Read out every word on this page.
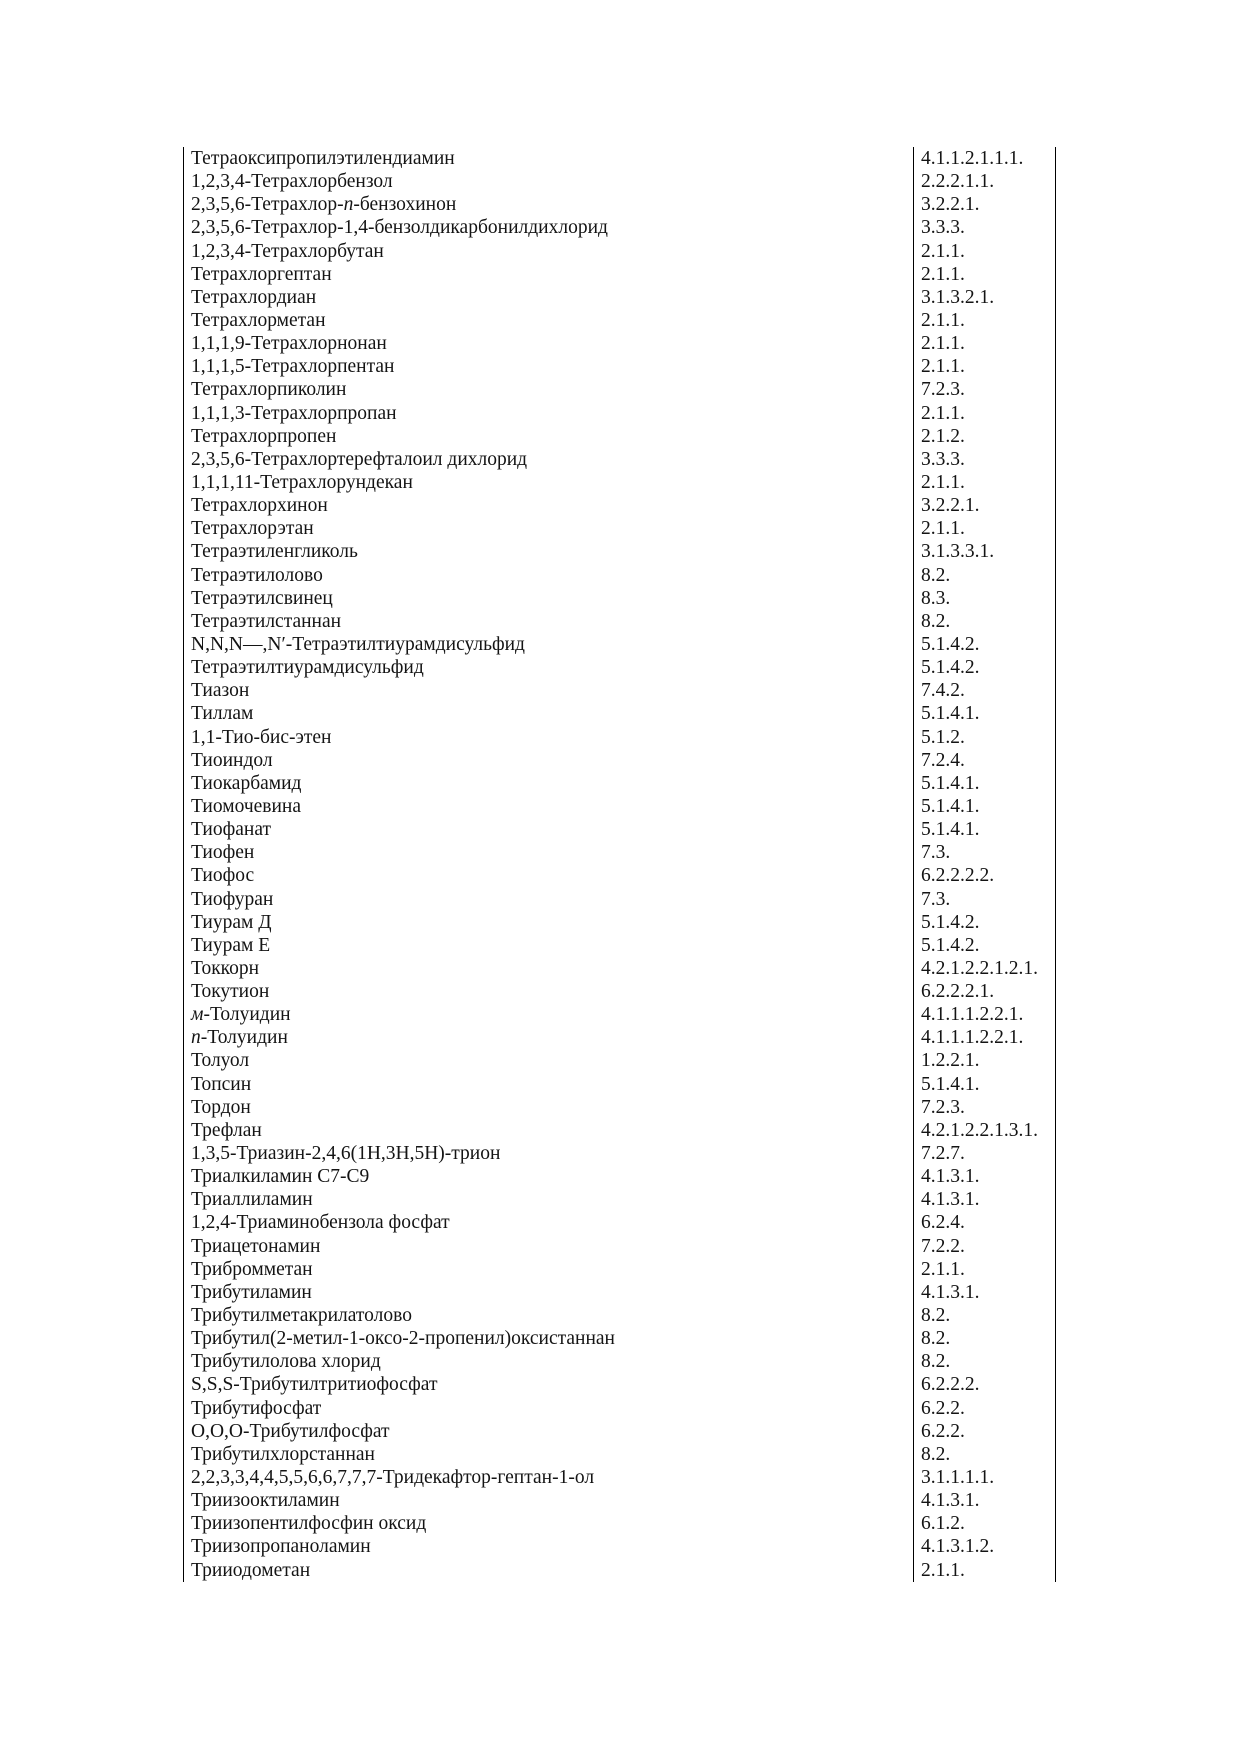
Тетраоксипропилэтилендиамин	4.1.1.2.1.1.1.
1,2,3,4-Тетрахлорбензол	2.2.2.1.1.
2,3,5,6-Тетрахлор-п-бензохинон	3.2.2.1.
2,3,5,6-Тетрахлор-1,4-бензолдикарбонилдихлорид	3.3.3.
1,2,3,4-Тетрахлорбутан	2.1.1.
Тетрахлоргептан	2.1.1.
Тетрахлордиан	3.1.3.2.1.
Тетрахлорметан	2.1.1.
1,1,1,9-Тетрахлорнонан	2.1.1.
1,1,1,5-Тетрахлорпентан	2.1.1.
Тетрахлорпиколин	7.2.3.
1,1,1,3-Тетрахлорпропан	2.1.1.
Тетрахлорпропен	2.1.2.
2,3,5,6-Тетрахлортерефталоил дихлорид	3.3.3.
1,1,1,11-Тетрахлорундекан	2.1.1.
Тетрахлорхинон	3.2.2.1.
Тетрахлорэтан	2.1.1.
Тетраэтиленгликоль	3.1.3.3.1.
Тетраэтилолово	8.2.
Тетраэтилсвинец	8.3.
Тетраэтилстаннан	8.2.
N,N,N—,N′-Тетраэтилтиурамдисульфид	5.1.4.2.
Тетраэтилтиурамдисульфид	5.1.4.2.
Тиазон	7.4.2.
Тиллам	5.1.4.1.
1,1-Тио-бис-этен	5.1.2.
Тиоиндол	7.2.4.
Тиокарбамид	5.1.4.1.
Тиомочевина	5.1.4.1.
Тиофанат	5.1.4.1.
Тиофен	7.3.
Тиофос	6.2.2.2.2.
Тиофуран	7.3.
Тиурам Д	5.1.4.2.
Тиурам Е	5.1.4.2.
Токкорн	4.2.1.2.2.1.2.1.
Токутион	6.2.2.2.1.
м-Толуидин	4.1.1.1.2.2.1.
п-Толуидин	4.1.1.1.2.2.1.
Толуол	1.2.2.1.
Топсин	5.1.4.1.
Тордон	7.2.3.
Трефлан	4.2.1.2.2.1.3.1.
1,3,5-Триазин-2,4,6(1Н,3Н,5Н)-трион	7.2.7.
Триалкиламин С7-С9	4.1.3.1.
Триаллиламин	4.1.3.1.
1,2,4-Триаминобензола фосфат	6.2.4.
Триацетонамин	7.2.2.
Трибромметан	2.1.1.
Трибутиламин	4.1.3.1.
Трибутилметакрилатолово	8.2.
Трибутил(2-метил-1-оксо-2-пропенил)оксистаннан	8.2.
Трибутилолова хлорид	8.2.
S,S,S-Трибутилтритиофосфат	6.2.2.2.
Трибутифосфат	6.2.2.
О,О,О-Трибутилфосфат	6.2.2.
Трибутилхлорстаннан	8.2.
2,2,3,3,4,4,5,5,6,6,7,7,7-Тридекафтор-гептан-1-ол	3.1.1.1.1.
Триизооктиламин	4.1.3.1.
Триизопентилфосфин оксид	6.1.2.
Триизопропаноламин	4.1.3.1.2.
Трииодометан	2.1.1.
